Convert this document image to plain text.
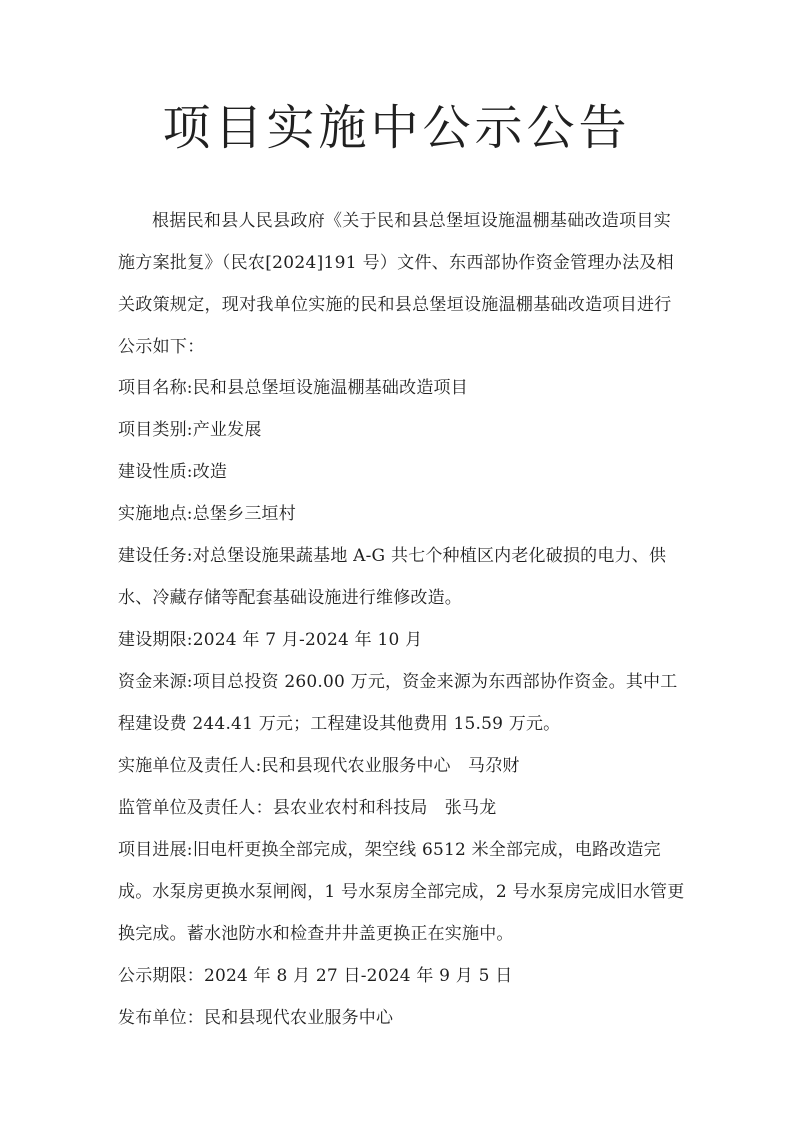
项目实施中公示公告
根据民和县人民县政府《关于民和县总堡垣设施温棚基础改造项目实施方案批复》（民农[2024]191 号）文件、东西部协作资金管理办法及相关政策规定，现对我单位实施的民和县总堡垣设施温棚基础改造项目进行公示如下：

项目名称:民和县总堡垣设施温棚基础改造项目

项目类别:产业发展

建设性质:改造

实施地点:总堡乡三垣村

建设任务:对总堡设施果蔬基地 A-G 共七个种植区内老化破损的电力、供水、冷藏存储等配套基础设施进行维修改造。

建设期限:2024 年 7 月-2024 年 10 月

资金来源:项目总投资 260.00 万元，资金来源为东西部协作资金。其中工程建设费 244.41 万元；工程建设其他费用 15.59 万元。

实施单位及责任人:民和县现代农业服务中心　马尕财

监管单位及责任人：县农业农村和科技局　张马龙

项目进展:旧电杆更换全部完成，架空线 6512 米全部完成，电路改造完成。水泵房更换水泵闸阀，1 号水泵房全部完成，2 号水泵房完成旧水管更换完成。蓄水池防水和检查井井盖更换正在实施中。

公示期限：2024 年 8 月 27 日-2024 年 9 月 5 日

发布单位：民和县现代农业服务中心
